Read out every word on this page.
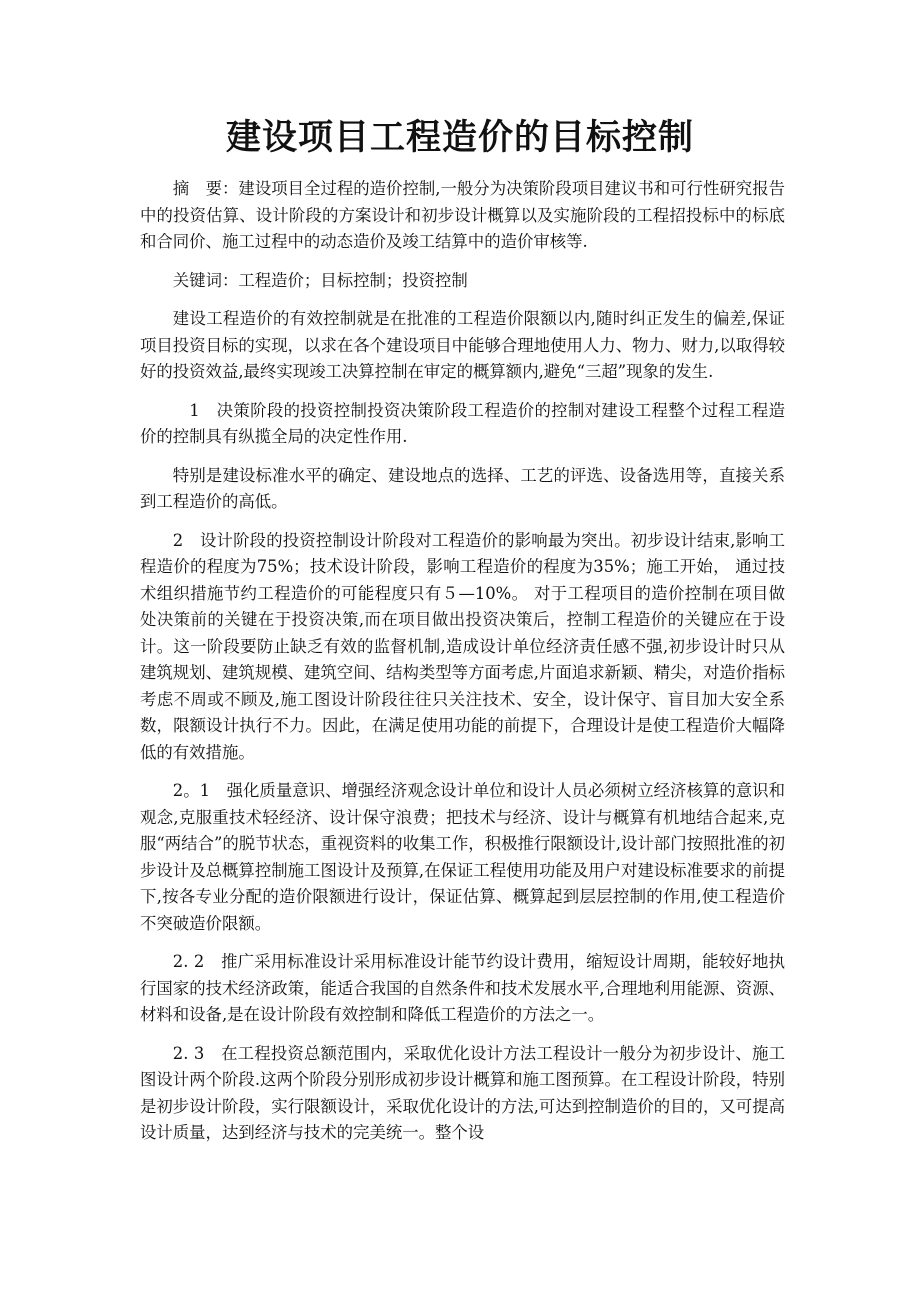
建设项目工程造价的目标控制

摘　要：建设项目全过程的造价控制,一般分为决策阶段项目建议书和可行性研究报告中的投资估算、设计阶段的方案设计和初步设计概算以及实施阶段的工程招投标中的标底和合同价、施工过程中的动态造价及竣工结算中的造价审核等.

关键词：工程造价；目标控制；投资控制

建设工程造价的有效控制就是在批准的工程造价限额以内,随时纠正发生的偏差,保证项目投资目标的实现，以求在各个建设项目中能够合理地使用人力、物力、财力,以取得较好的投资效益,最终实现竣工决算控制在审定的概算额内,避免“三超”现象的发生.

1　决策阶段的投资控制投资决策阶段工程造价的控制对建设工程整个过程工程造价的控制具有纵揽全局的决定性作用.

特别是建设标准水平的确定、建设地点的选择、工艺的评选、设备选用等，直接关系到工程造价的高低。

2　设计阶段的投资控制设计阶段对工程造价的影响最为突出。初步设计结束,影响工程造价的程度为75%；技术设计阶段，影响工程造价的程度为35%；施工开始， 通过技术组织措施节约工程造价的可能程度只有５—10%。 对于工程项目的造价控制在项目做处决策前的关键在于投资决策,而在项目做出投资决策后，控制工程造价的关键应在于设计。这一阶段要防止缺乏有效的监督机制,造成设计单位经济责任感不强,初步设计时只从建筑规划、建筑规模、建筑空间、结构类型等方面考虑,片面追求新颖、精尖，对造价指标考虑不周或不顾及,施工图设计阶段往往只关注技术、安全，设计保守、盲目加大安全系数，限额设计执行不力。因此，在满足使用功能的前提下，合理设计是使工程造价大幅降低的有效措施。

2。1　强化质量意识、增强经济观念设计单位和设计人员必须树立经济核算的意识和观念,克服重技术轻经济、设计保守浪费；把技术与经济、设计与概算有机地结合起来,克服“两结合”的脱节状态，重视资料的收集工作，积极推行限额设计,设计部门按照批准的初步设计及总概算控制施工图设计及预算,在保证工程使用功能及用户对建设标准要求的前提下,按各专业分配的造价限额进行设计，保证估算、概算起到层层控制的作用,使工程造价不突破造价限额。

2. 2　推广采用标准设计采用标准设计能节约设计费用，缩短设计周期，能较好地执行国家的技术经济政策，能适合我国的自然条件和技术发展水平,合理地利用能源、资源、材料和设备,是在设计阶段有效控制和降低工程造价的方法之一。

2. 3　在工程投资总额范围内，采取优化设计方法工程设计一般分为初步设计、施工图设计两个阶段.这两个阶段分别形成初步设计概算和施工图预算。在工程设计阶段，特别是初步设计阶段，实行限额设计，采取优化设计的方法,可达到控制造价的目的，又可提高设计质量，达到经济与技术的完美统一。整个设
